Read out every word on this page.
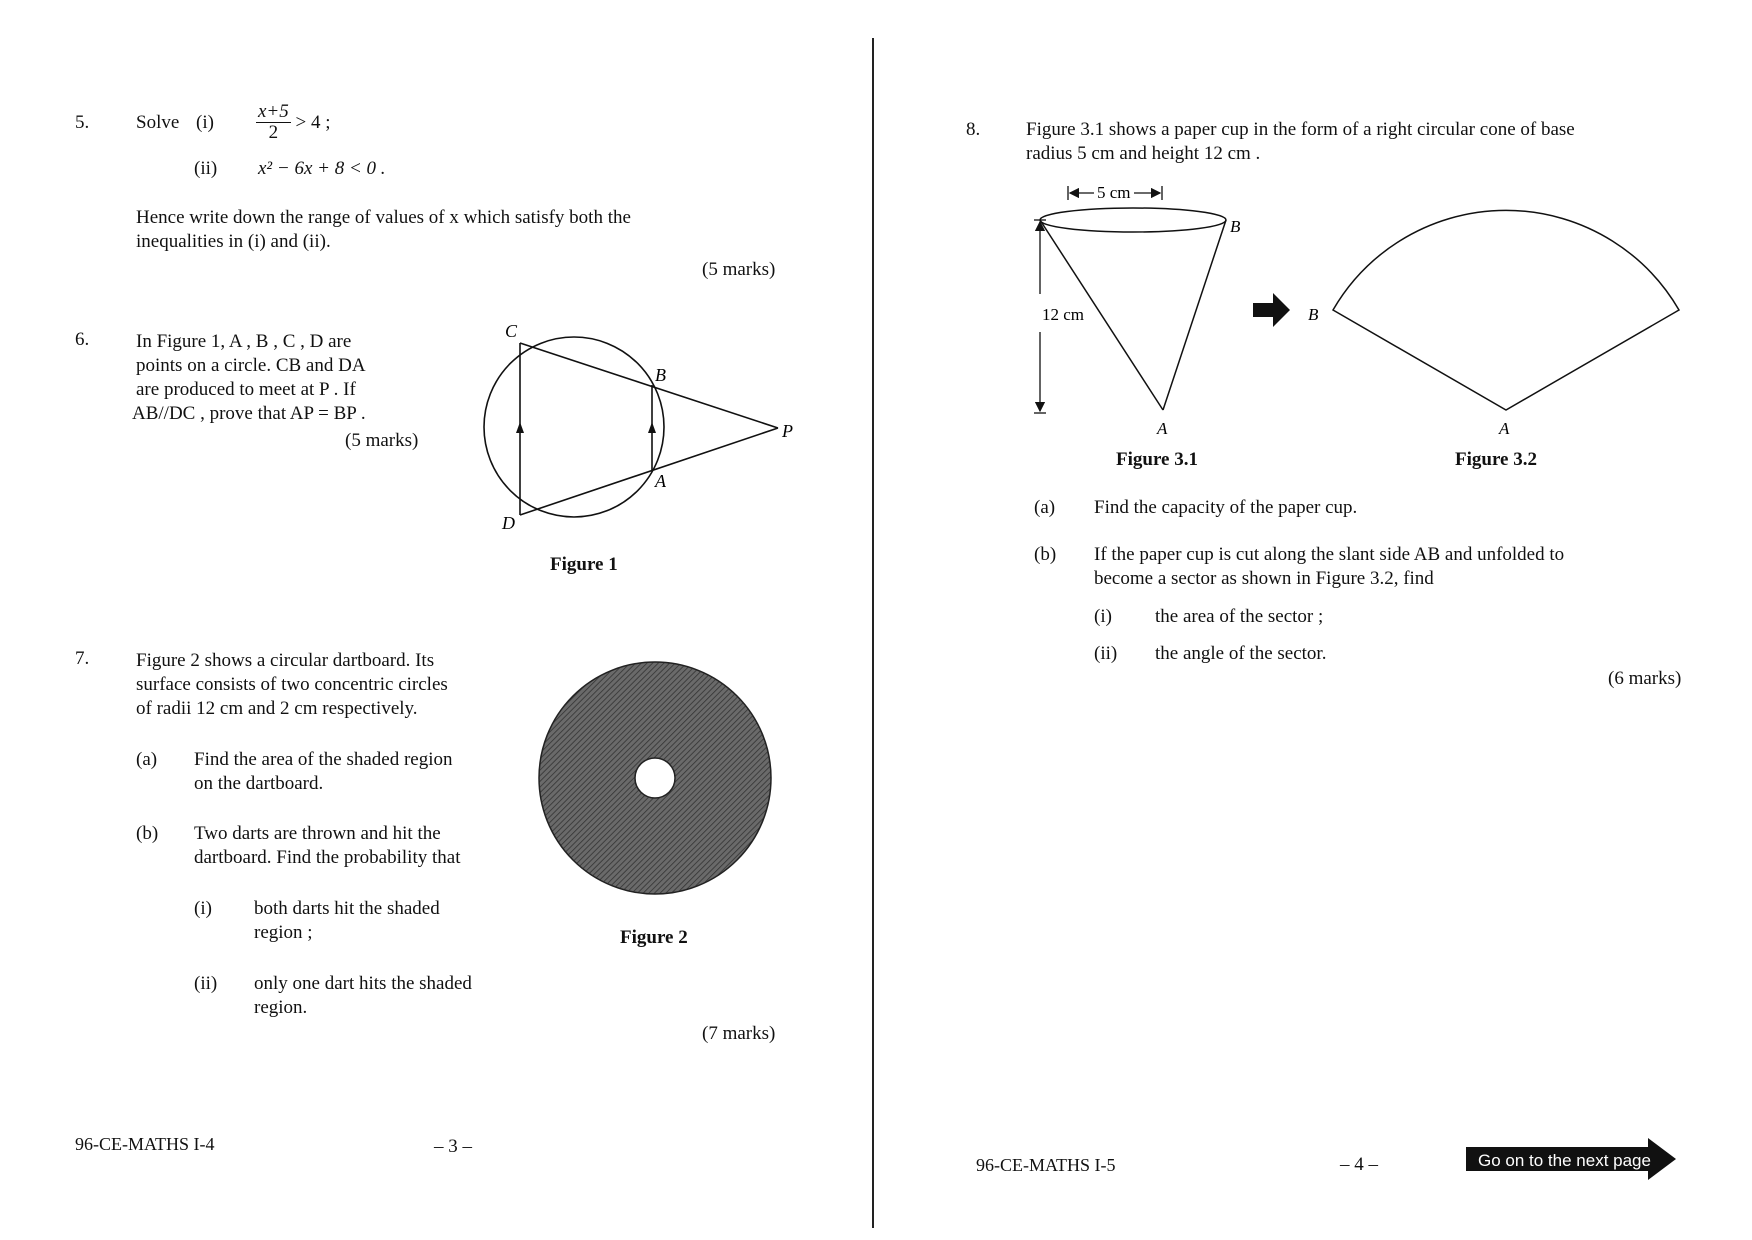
5. Solve $(i) \frac{x+5}{2} > 4$ ;
(ii) x² − 6x + 8 < 0 .
Hence write down the range of values of x which satisfy both the
inequalities in (i) and (ii).
(5 marks)
6. In Figure 1, A , B , C , D are
points on a circle. CB and DA
are produced to meet at P . If
AB//DC , prove that AP = BP .
(5 marks)
C
B
P
A
D
Figure 1
7. Figure 2 shows a circular dartboard. Its
surface consists of two concentric circles
of radii 12 cm and 2 cm respectively.
(a) Find the area of the shaded region
on the dartboard.
(b) Two darts are thrown and hit the
dartboard. Find the probability that
(i) both darts hit the shaded
region ;
(ii) only one dart hits the shaded
region.
Figure 2
(7 marks)
96-CE-MATHS I-4	– 3 –
8. Figure 3.1 shows a paper cup in the form of a right circular cone of base
radius 5 cm and height 12 cm .
5 cm
12 cm
B
A
B
A
Figure 3.1	Figure 3.2
(a) Find the capacity of the paper cup.
(b) If the paper cup is cut along the slant side AB and unfolded to
become a sector as shown in Figure 3.2, find
(i) the area of the sector ;
(ii) the angle of the sector.
(6 marks)
96-CE-MATHS I-5	– 4 –	Go on to the next page
